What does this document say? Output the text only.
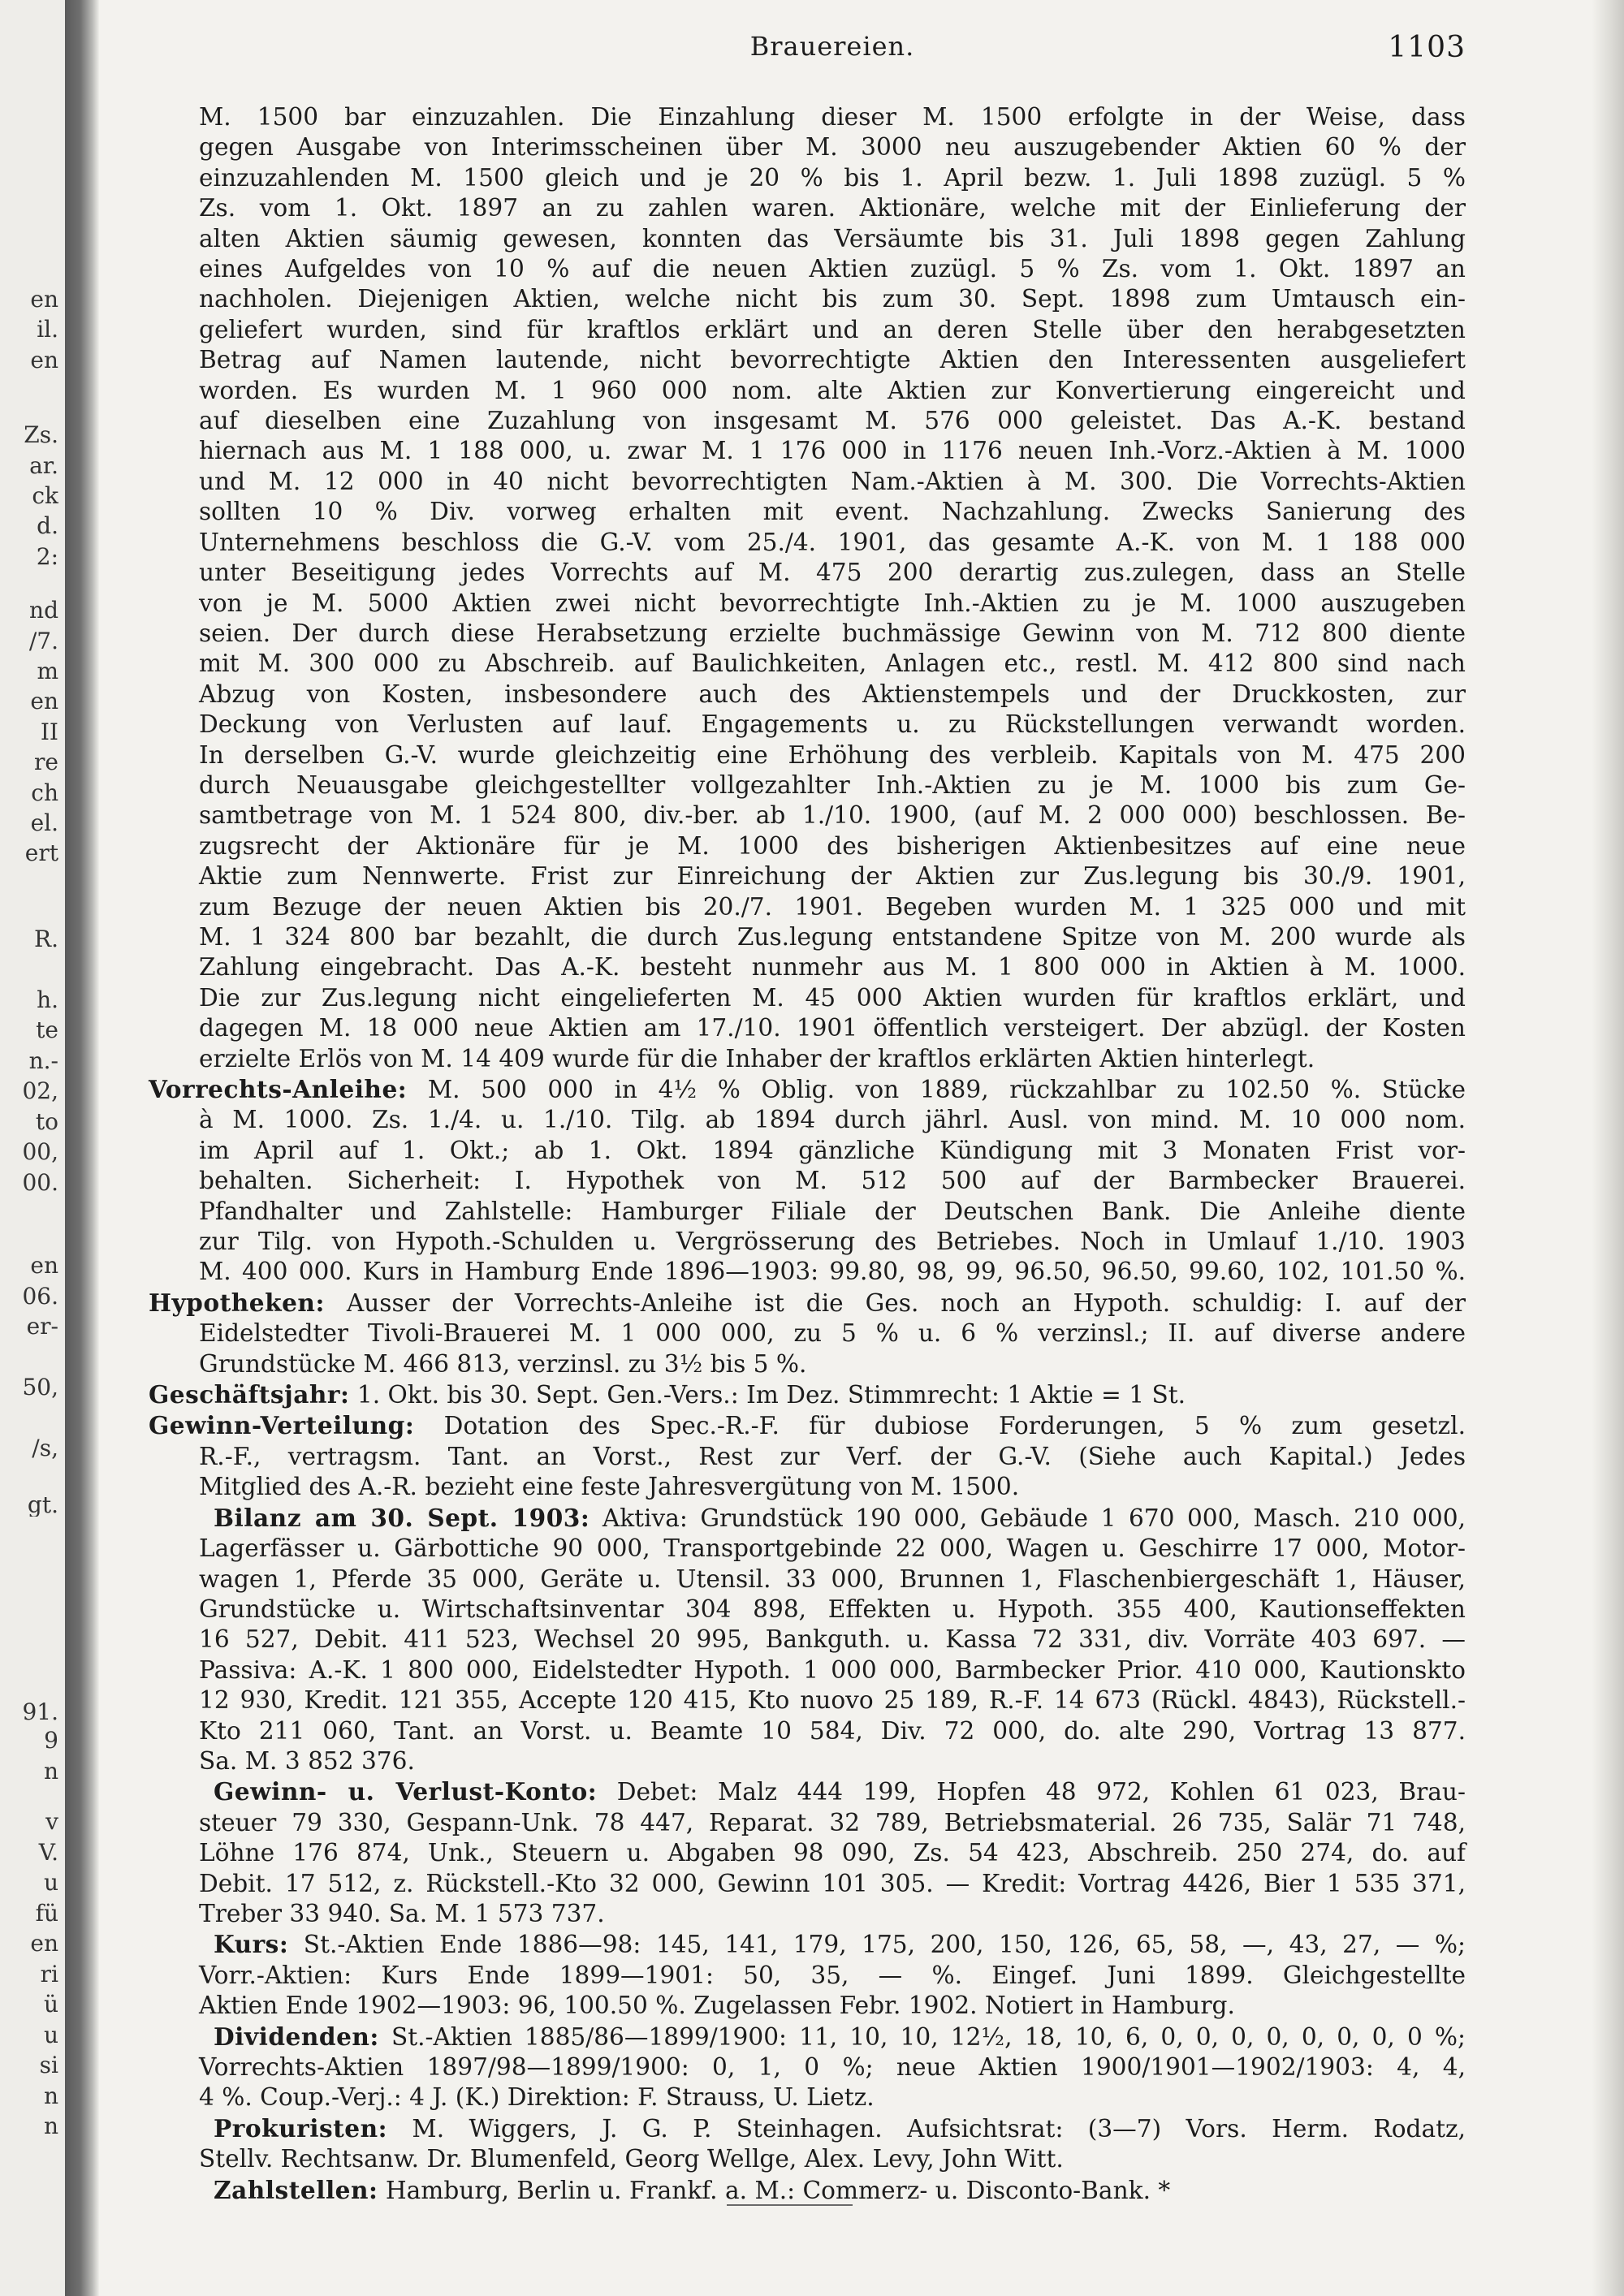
en
il.
en
Zs.
ar.
ck
d.
2:
nd
/7.
m
en
II
re
ch
el.
ert
R.
h.
te
n.-
02,
to
00,
00.
en
06.
er-
50,
/s,
gt.
91.
9
n
v
V.
u
fü
en
ri
ü
u
si
n
n
Brauereien.	1103
M. 1500 bar einzuzahlen. Die Einzahlung dieser M. 1500 erfolgte in der Weise, dass
gegen Ausgabe von Interimsscheinen über M. 3000 neu auszugebender Aktien 60 % der
einzuzahlenden M. 1500 gleich und je 20 % bis 1. April bezw. 1. Juli 1898 zuzügl. 5 %
Zs. vom 1. Okt. 1897 an zu zahlen waren. Aktionäre, welche mit der Einlieferung der
alten Aktien säumig gewesen, konnten das Versäumte bis 31. Juli 1898 gegen Zahlung
eines Aufgeldes von 10 % auf die neuen Aktien zuzügl. 5 % Zs. vom 1. Okt. 1897 an
nachholen. Diejenigen Aktien, welche nicht bis zum 30. Sept. 1898 zum Umtausch ein-
geliefert wurden, sind für kraftlos erklärt und an deren Stelle über den herabgesetzten
Betrag auf Namen lautende, nicht bevorrechtigte Aktien den Interessenten ausgeliefert
worden. Es wurden M. 1 960 000 nom. alte Aktien zur Konvertierung eingereicht und
auf dieselben eine Zuzahlung von insgesamt M. 576 000 geleistet. Das A.-K. bestand
hiernach aus M. 1 188 000, u. zwar M. 1 176 000 in 1176 neuen Inh.-Vorz.-Aktien à M. 1000
und M. 12 000 in 40 nicht bevorrechtigten Nam.-Aktien à M. 300. Die Vorrechts-Aktien
sollten 10 % Div. vorweg erhalten mit event. Nachzahlung. Zwecks Sanierung des
Unternehmens beschloss die G.-V. vom 25./4. 1901, das gesamte A.-K. von M. 1 188 000
unter Beseitigung jedes Vorrechts auf M. 475 200 derartig zus.zulegen, dass an Stelle
von je M. 5000 Aktien zwei nicht bevorrechtigte Inh.-Aktien zu je M. 1000 auszugeben
seien. Der durch diese Herabsetzung erzielte buchmässige Gewinn von M. 712 800 diente
mit M. 300 000 zu Abschreib. auf Baulichkeiten, Anlagen etc., restl. M. 412 800 sind nach
Abzug von Kosten, insbesondere auch des Aktienstempels und der Druckkosten, zur
Deckung von Verlusten auf lauf. Engagements u. zu Rückstellungen verwandt worden.
In derselben G.-V. wurde gleichzeitig eine Erhöhung des verbleib. Kapitals von M. 475 200
durch Neuausgabe gleichgestellter vollgezahlter Inh.-Aktien zu je M. 1000 bis zum Ge-
samtbetrage von M. 1 524 800, div.-ber. ab 1./10. 1900, (auf M. 2 000 000) beschlossen. Be-
zugsrecht der Aktionäre für je M. 1000 des bisherigen Aktienbesitzes auf eine neue
Aktie zum Nennwerte. Frist zur Einreichung der Aktien zur Zus.legung bis 30./9. 1901,
zum Bezuge der neuen Aktien bis 20./7. 1901. Begeben wurden M. 1 325 000 und mit
M. 1 324 800 bar bezahlt, die durch Zus.legung entstandene Spitze von M. 200 wurde als
Zahlung eingebracht. Das A.-K. besteht nunmehr aus M. 1 800 000 in Aktien à M. 1000.
Die zur Zus.legung nicht eingelieferten M. 45 000 Aktien wurden für kraftlos erklärt, und
dagegen M. 18 000 neue Aktien am 17./10. 1901 öffentlich versteigert. Der abzügl. der Kosten
erzielte Erlös von M. 14 409 wurde für die Inhaber der kraftlos erklärten Aktien hinterlegt.
Vorrechts-Anleihe: M. 500 000 in 4½ % Oblig. von 1889, rückzahlbar zu 102.50 %. Stücke
à M. 1000. Zs. 1./4. u. 1./10. Tilg. ab 1894 durch jährl. Ausl. von mind. M. 10 000 nom.
im April auf 1. Okt.; ab 1. Okt. 1894 gänzliche Kündigung mit 3 Monaten Frist vor-
behalten. Sicherheit: I. Hypothek von M. 512 500 auf der Barmbecker Brauerei.
Pfandhalter und Zahlstelle: Hamburger Filiale der Deutschen Bank. Die Anleihe diente
zur Tilg. von Hypoth.-Schulden u. Vergrösserung des Betriebes. Noch in Umlauf 1./10. 1903
M. 400 000. Kurs in Hamburg Ende 1896—1903: 99.80, 98, 99, 96.50, 96.50, 99.60, 102, 101.50 %.
Hypotheken: Ausser der Vorrechts-Anleihe ist die Ges. noch an Hypoth. schuldig: I. auf der
Eidelstedter Tivoli-Brauerei M. 1 000 000, zu 5 % u. 6 % verzinsl.; II. auf diverse andere
Grundstücke M. 466 813, verzinsl. zu 3½ bis 5 %.
Geschäftsjahr: 1. Okt. bis 30. Sept. Gen.-Vers.: Im Dez. Stimmrecht: 1 Aktie = 1 St.
Gewinn-Verteilung: Dotation des Spec.-R.-F. für dubiose Forderungen, 5 % zum gesetzl.
R.-F., vertragsm. Tant. an Vorst., Rest zur Verf. der G.-V. (Siehe auch Kapital.) Jedes
Mitglied des A.-R. bezieht eine feste Jahresvergütung von M. 1500.
Bilanz am 30. Sept. 1903: Aktiva: Grundstück 190 000, Gebäude 1 670 000, Masch. 210 000,
Lagerfässer u. Gärbottiche 90 000, Transportgebinde 22 000, Wagen u. Geschirre 17 000, Motor-
wagen 1, Pferde 35 000, Geräte u. Utensil. 33 000, Brunnen 1, Flaschenbiergeschäft 1, Häuser,
Grundstücke u. Wirtschaftsinventar 304 898, Effekten u. Hypoth. 355 400, Kautionseffekten
16 527, Debit. 411 523, Wechsel 20 995, Bankguth. u. Kassa 72 331, div. Vorräte 403 697. —
Passiva: A.-K. 1 800 000, Eidelstedter Hypoth. 1 000 000, Barmbecker Prior. 410 000, Kautionskto
12 930, Kredit. 121 355, Accepte 120 415, Kto nuovo 25 189, R.-F. 14 673 (Rückl. 4843), Rückstell.-
Kto 211 060, Tant. an Vorst. u. Beamte 10 584, Div. 72 000, do. alte 290, Vortrag 13 877.
Sa. M. 3 852 376.
Gewinn- u. Verlust-Konto: Debet: Malz 444 199, Hopfen 48 972, Kohlen 61 023, Brau-
steuer 79 330, Gespann-Unk. 78 447, Reparat. 32 789, Betriebsmaterial. 26 735, Salär 71 748,
Löhne 176 874, Unk., Steuern u. Abgaben 98 090, Zs. 54 423, Abschreib. 250 274, do. auf
Debit. 17 512, z. Rückstell.-Kto 32 000, Gewinn 101 305. — Kredit: Vortrag 4426, Bier 1 535 371,
Treber 33 940. Sa. M. 1 573 737.
Kurs: St.-Aktien Ende 1886—98: 145, 141, 179, 175, 200, 150, 126, 65, 58, —, 43, 27, — %;
Vorr.-Aktien: Kurs Ende 1899—1901: 50, 35, — %. Eingef. Juni 1899. Gleichgestellte
Aktien Ende 1902—1903: 96, 100.50 %. Zugelassen Febr. 1902. Notiert in Hamburg.
Dividenden: St.-Aktien 1885/86—1899/1900: 11, 10, 10, 12½, 18, 10, 6, 0, 0, 0, 0, 0, 0, 0, 0 %;
Vorrechts-Aktien 1897/98—1899/1900: 0, 1, 0 %; neue Aktien 1900/1901—1902/1903: 4, 4,
4 %. Coup.-Verj.: 4 J. (K.) Direktion: F. Strauss, U. Lietz.
Prokuristen: M. Wiggers, J. G. P. Steinhagen. Aufsichtsrat: (3—7) Vors. Herm. Rodatz,
Stellv. Rechtsanw. Dr. Blumenfeld, Georg Wellge, Alex. Levy, John Witt.
Zahlstellen: Hamburg, Berlin u. Frankf. a. M.: Commerz- u. Disconto-Bank. *
